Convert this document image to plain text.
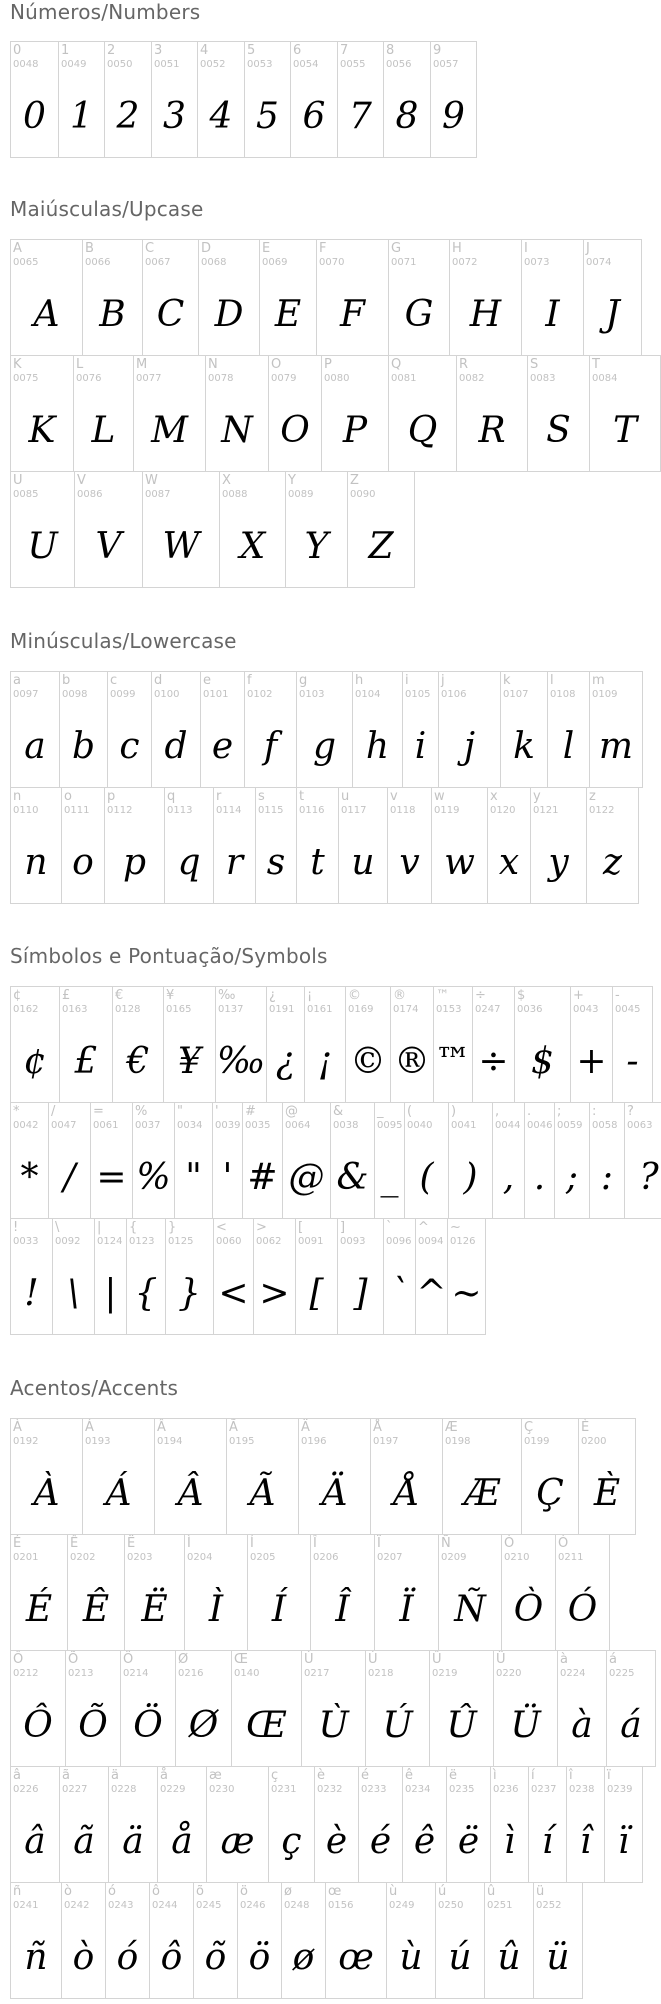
Números/Numbers
0
0048
0
1
0049
1
2
0050
2
3
0051
3
4
0052
4
5
0053
5
6
0054
6
7
0055
7
8
0056
8
9
0057
9
Maiúsculas/Upcase
A
0065
A
B
0066
B
C
0067
C
D
0068
D
E
0069
E
F
0070
F
G
0071
G
H
0072
H
I
0073
I
J
0074
J
K
0075
K
L
0076
L
M
0077
M
N
0078
N
O
0079
O
P
0080
P
Q
0081
Q
R
0082
R
S
0083
S
T
0084
T
U
0085
U
V
0086
V
W
0087
W
X
0088
X
Y
0089
Y
Z
0090
Z
Minúsculas/Lowercase
a
0097
a
b
0098
b
c
0099
c
d
0100
d
e
0101
e
f
0102
f
g
0103
g
h
0104
h
i
0105
i
j
0106
j
k
0107
k
l
0108
l
m
0109
m
n
0110
n
o
0111
o
p
0112
p
q
0113
q
r
0114
r
s
0115
s
t
0116
t
u
0117
u
v
0118
v
w
0119
w
x
0120
x
y
0121
y
z
0122
z
Símbolos e Pontuação/Symbols
¢
0162
¢
£
0163
£
€
0128
€
¥
0165
¥
‰
0137
‰
¿
0191
¿
¡
0161
¡
©
0169
©
®
0174
®
™
0153
™
÷
0247
÷
$
0036
$
+
0043
+
-
0045
-
*
0042
*
/
0047
/
=
0061
=
%
0037
%
"
0034
"
'
0039
'
#
0035
#
@
0064
@
&
0038
&
_
0095
_
(
0040
(
)
0041
)
,
0044
,
.
0046
.
;
0059
;
:
0058
:
?
0063
?
!
0033
!
\
0092
\
|
0124
|
{
0123
{
}
0125
}
<
0060
<
>
0062
>
[
0091
[
]
0093
]
`
0096
`
^
0094
^
~
0126
~
Acentos/Accents
À
0192
À
Á
0193
Á
Â
0194
Â
Ã
0195
Ã
Ä
0196
Ä
Å
0197
Å
Æ
0198
Æ
Ç
0199
Ç
È
0200
È
É
0201
É
Ê
0202
Ê
Ë
0203
Ë
Ì
0204
Ì
Í
0205
Í
Î
0206
Î
Ï
0207
Ï
Ñ
0209
Ñ
Ò
0210
Ò
Ó
0211
Ó
Ô
0212
Ô
Õ
0213
Õ
Ö
0214
Ö
Ø
0216
Ø
Œ
0140
Œ
Ù
0217
Ù
Ú
0218
Ú
Û
0219
Û
Ü
0220
Ü
à
0224
à
á
0225
á
â
0226
â
ã
0227
ã
ä
0228
ä
å
0229
å
æ
0230
æ
ç
0231
ç
è
0232
è
é
0233
é
ê
0234
ê
ë
0235
ë
ì
0236
ì
í
0237
í
î
0238
î
ï
0239
ï
ñ
0241
ñ
ò
0242
ò
ó
0243
ó
ô
0244
ô
õ
0245
õ
ö
0246
ö
ø
0248
ø
œ
0156
œ
ù
0249
ù
ú
0250
ú
û
0251
û
ü
0252
ü
